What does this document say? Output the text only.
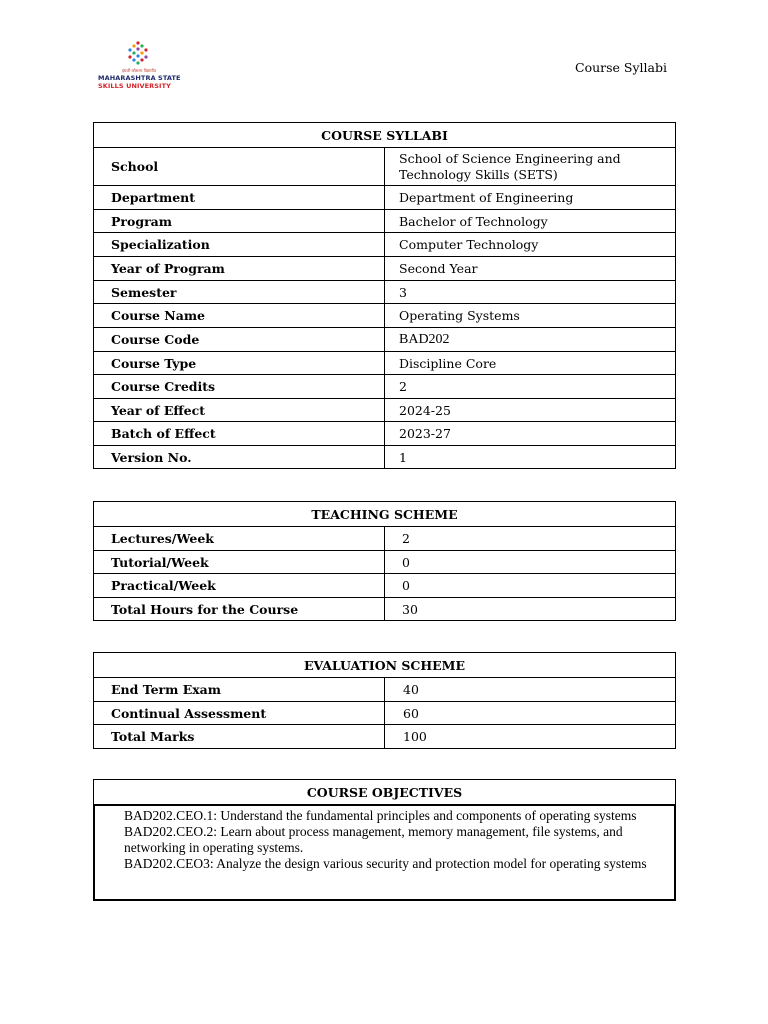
इंग्रजी कौशल्य विद्यापीठ
MAHARASHTRA STATE
SKILLS UNIVERSITY
Course Syllabi
COURSE SYLLABI	
School	School of Science Engineering and Technology Skills (SETS)
Department	Department of Engineering
Program	Bachelor of Technology
Specialization	Computer Technology
Year of Program	Second Year
Semester	3
Course Name	Operating Systems
Course Code	BAD202
Course Type	Discipline Core
Course Credits	2
Year of Effect	2024-25
Batch of Effect	2023-27
Version No.	1
TEACHING SCHEME	
Lectures/Week	2
Tutorial/Week	0
Practical/Week	0
Total Hours for the Course	30
EVALUATION SCHEME	
End Term Exam	40
Continual Assessment	60
Total Marks	100
COURSE OBJECTIVES

BAD202.CEO.1: Understand the fundamental principles and components of operating systems
BAD202.CEO.2: Learn about process management, memory management, file systems, and networking in operating systems.
BAD202.CEO3: Analyze the design various security and protection model for operating systems
